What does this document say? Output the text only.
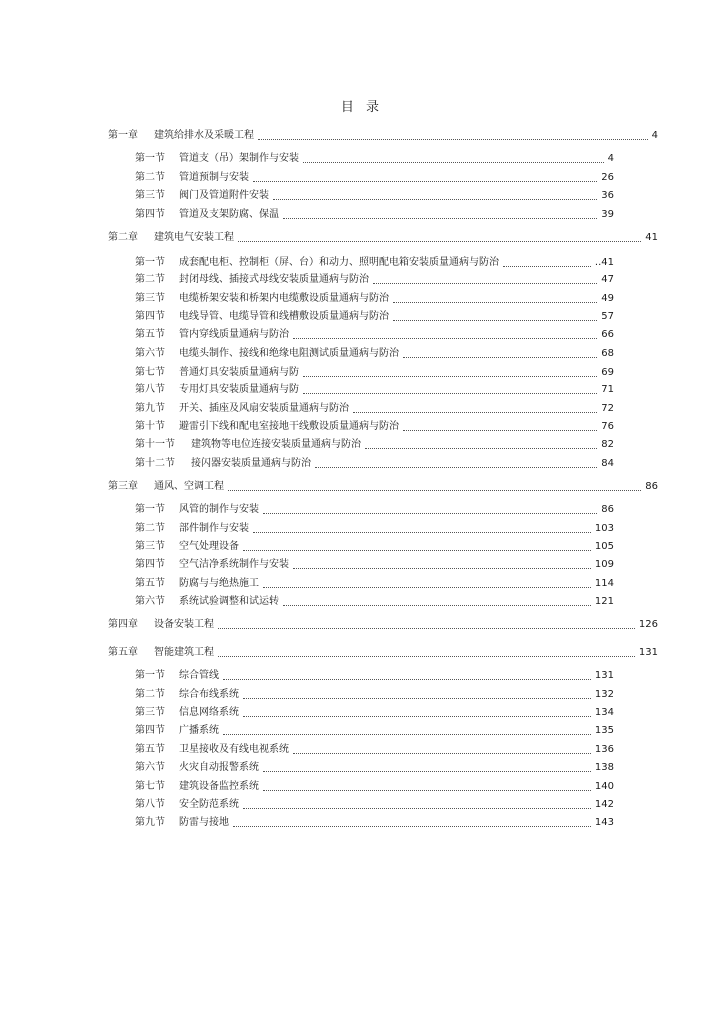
目 录
第一章	建筑给排水及采暖工程	4
第一节	管道支（吊）架制作与安装	4
第二节	管道预制与安装	26
第三节	阀门及管道附件安装	36
第四节	管道及支架防腐、保温	39
第二章	建筑电气安装工程	41
第一节	成套配电柜、控制柜（屏、台）和动力、照明配电箱安装质量通病与防治	..41
第二节	封闭母线、插接式母线安装质量通病与防治	47
第三节	电缆桥架安装和桥架内电缆敷设质量通病与防治	49
第四节	电线导管、电缆导管和线槽敷设质量通病与防治	57
第五节	管内穿线质量通病与防治	66
第六节	电缆头制作、接线和绝缘电阻测试质量通病与防治	68
第七节	普通灯具安装质量通病与防	69
第八节	专用灯具安装质量通病与防	71
第九节	开关、插座及风扇安装质量通病与防治	72
第十节	避雷引下线和配电室接地干线敷设质量通病与防治	76
第十一节	建筑物等电位连接安装质量通病与防治	82
第十二节	接闪器安装质量通病与防治	84
第三章	通风、空调工程	86
第一节	风管的制作与安装	86
第二节	部件制作与安装	103
第三节	空气处理设备	105
第四节	空气洁净系统制作与安装	109
第五节	防腐与与绝热施工	114
第六节	系统试验调整和试运转	121
第四章	设备安装工程	126
第五章	智能建筑工程	131
第一节	综合管线	131
第二节	综合布线系统	132
第三节	信息网络系统	134
第四节	广播系统	135
第五节	卫星接收及有线电视系统	136
第六节	火灾自动报警系统	138
第七节	建筑设备监控系统	140
第八节	安全防范系统	142
第九节	防雷与接地	143
